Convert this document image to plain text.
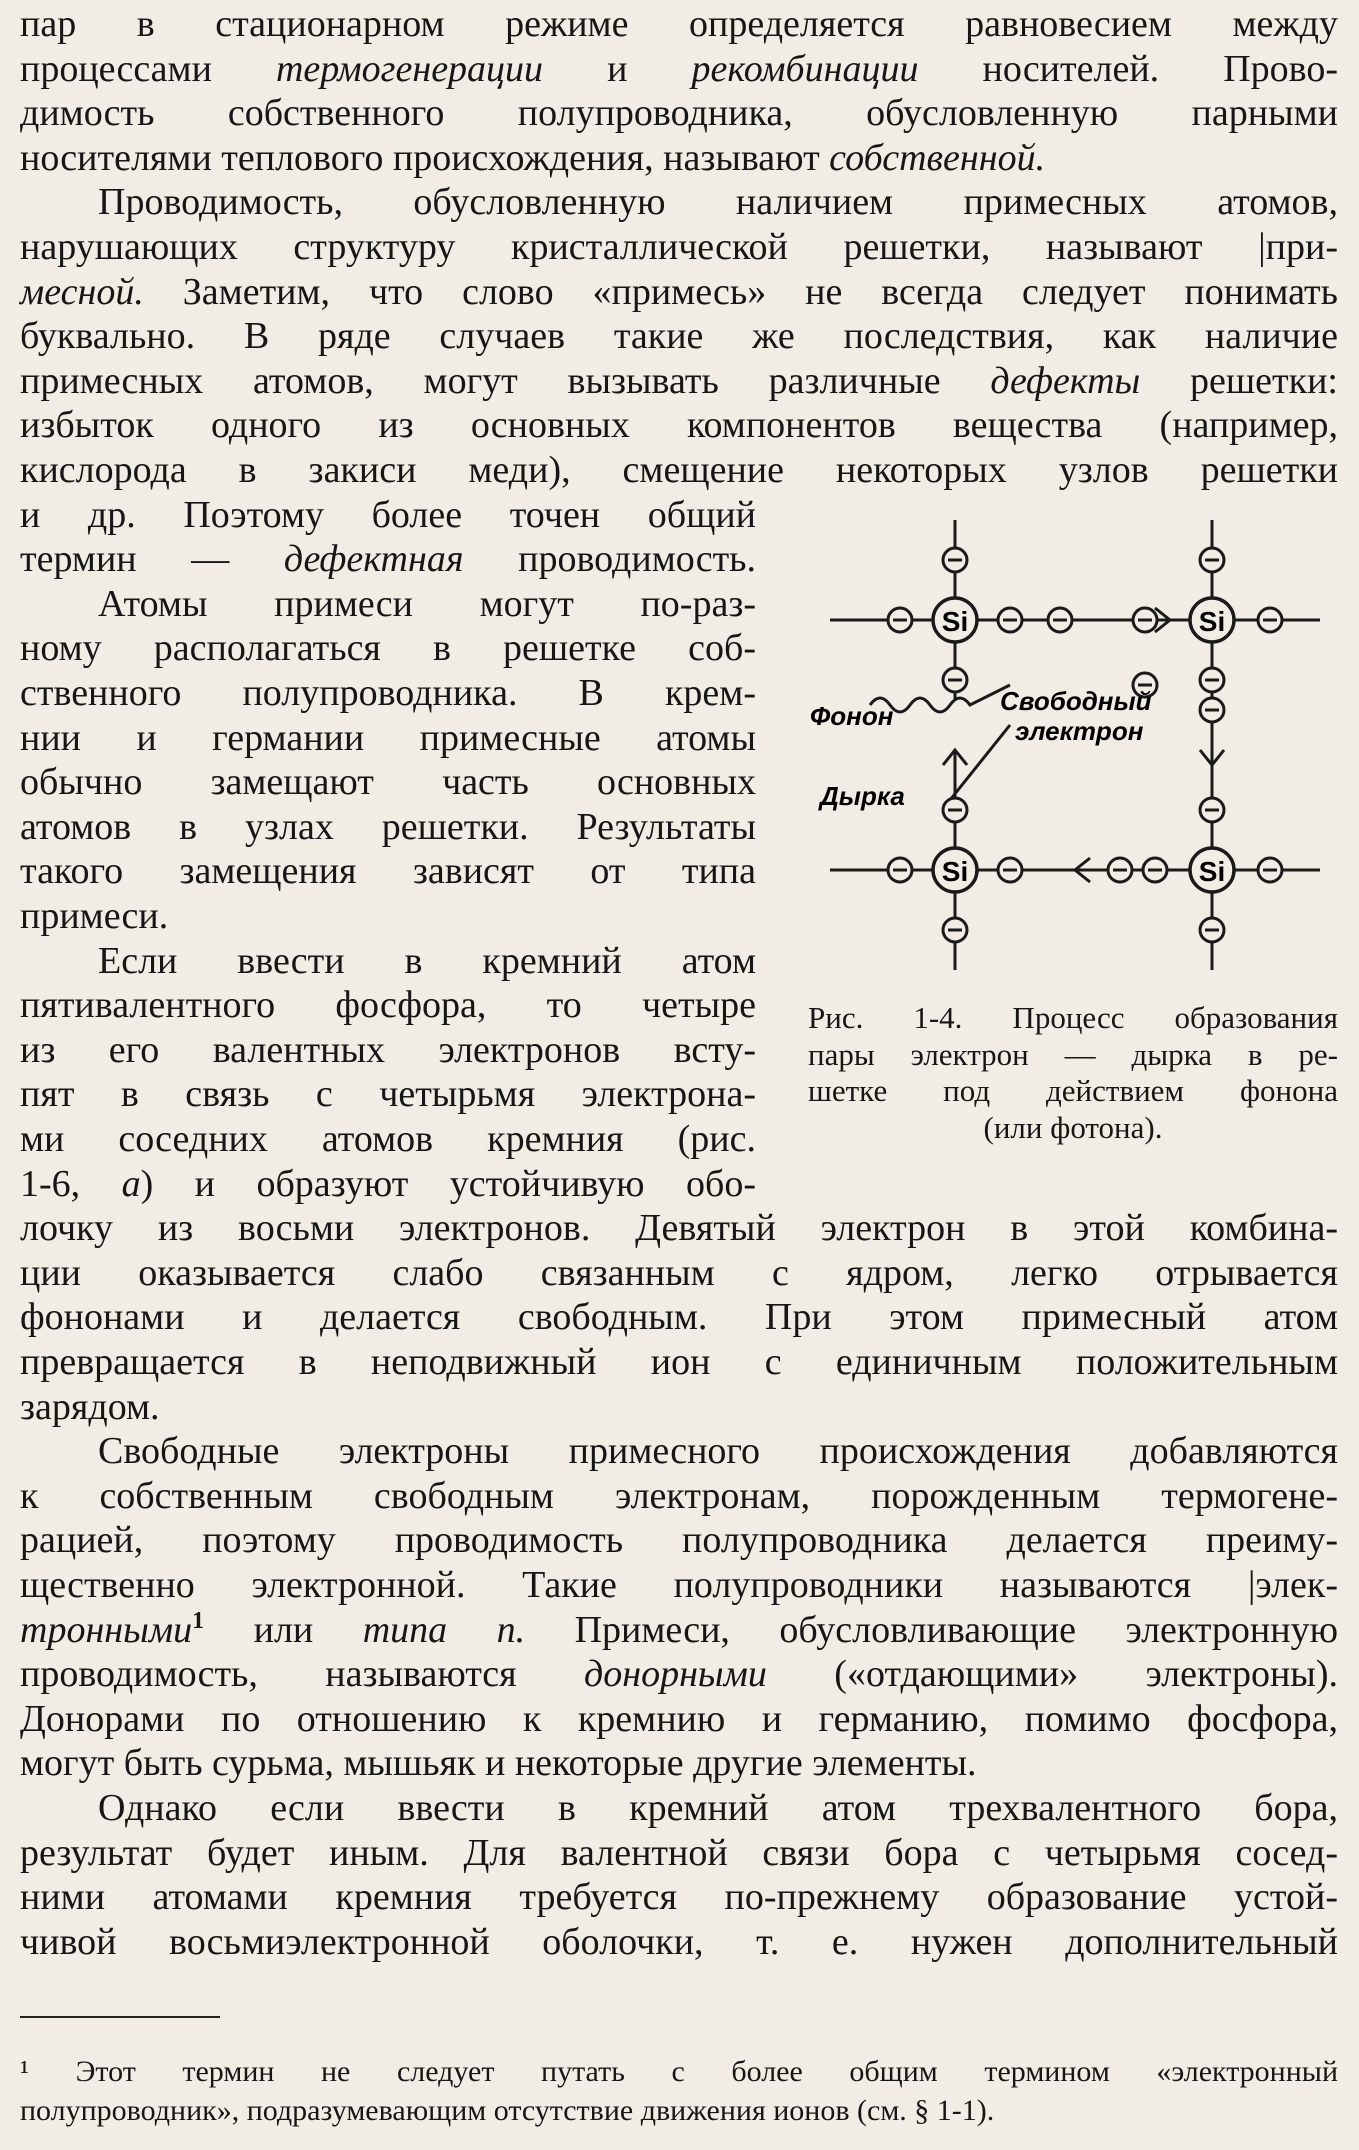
пар в стационарном режиме определяется равновесием между
процессами термогенерации и рекомбинации носителей. Прово-
димость собственного полупроводника, обусловленную парными
носителями теплового происхождения, называют собственной.
Проводимость, обусловленную наличием примесных атомов,
нарушающих структуру кристаллической решетки, называют |при-
месной. Заметим, что слово «примесь» не всегда следует понимать
буквально. В ряде случаев такие же последствия, как наличие
примесных атомов, могут вызывать различные дефекты решетки:
избыток одного из основных компонентов вещества (например,
кислорода в закиси меди), смещение некоторых узлов решетки
и др. Поэтому более точен общий
термин — дефектная проводимость.
Атомы примеси могут по-раз-
ному располагаться в решетке соб-
ственного полупроводника. В крем-
нии и германии примесные атомы
обычно замещают часть основных
атомов в узлах решетки. Результаты
такого замещения зависят от типа
примеси.
Если ввести в кремний атом
пятивалентного фосфора, то четыре
из его валентных электронов всту-
пят в связь с четырьмя электрона-
ми соседних атомов кремния (рис.
1-6, а) и образуют устойчивую обо-
лочку из восьми электронов. Девятый электрон в этой комбина-
ции оказывается слабо связанным с ядром, легко отрывается
фононами и делается свободным. При этом примесный атом
превращается в неподвижный ион с единичным положительным
зарядом.
Свободные электроны примесного происхождения добавляются
к собственным свободным электронам, порожденным термогене-
рацией, поэтому проводимость полупроводника делается преиму-
щественно электронной. Такие полупроводники называются |элек-
тронными$^1$ или типа n. Примеси, обусловливающие электронную
проводимость, называются донорными («отдающими» электроны).
Донорами по отношению к кремнию и германию, помимо фосфора,
могут быть сурьма, мышьяк и некоторые другие элементы.
Однако если ввести в кремний атом трехвалентного бора,
результат будет иным. Для валентной связи бора с четырьмя сосед-
ними атомами кремния требуется по-прежнему образование устой-
чивой восьмиэлектронной оболочки, т. е. нужен дополнительный
Si	Si
Si	Si
Фонон	Свободный
электрон
Дырка
Рис. 1-4. Процесс образования
пары электрон — дырка в ре-
шетке под действием фонона
(или фотона).
¹ Этот термин не следует путать с более общим термином «электронный
полупроводник», подразумевающим отсутствие движения ионов (см. § 1-1).
